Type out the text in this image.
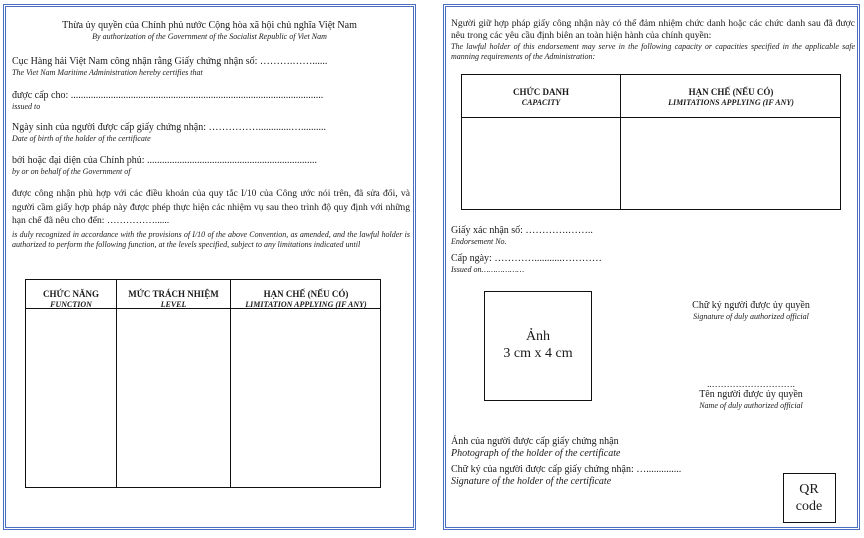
Thừa ủy quyền của Chính phủ nước Cộng hòa xã hội chủ nghĩa Việt Nam
By authorization of the Government of the Socialist Republic of Viet Nam
Cục Hàng hải Việt Nam công nhận rằng Giấy chứng nhận số: ……….……......
The Viet Nam Maritime Administration hereby certifies that
được cấp cho: .....................................................................................................
issued to
Ngày sinh của người được cấp giấy chứng nhận: …………….............…..........
Date of birth of the holder of the certificate
bởi hoặc đại diện của Chính phủ: ....................................................................
by or on behalf of the Government of
được công nhận phù hợp với các điều khoản của quy tắc I/10 của Công ước nói trên, đã sửa đổi, và người cầm giấy hợp pháp này được phép thực hiện các nhiệm vụ sau theo trình độ quy định với những hạn chế đã nêu cho đến: ……………......
is duly recognized in accordance with the provisions of I/10 of the above Convention, as amended, and the lawful holder is authorized to perform the following function, at the levels specified, subject to any limitations indicated until
CHỨC NĂNG
FUNCTION
MỨC TRÁCH NHIỆM
LEVEL
HẠN CHẾ (NẾU CÓ)
LIMITATION APPLYING (IF ANY)
Người giữ hợp pháp giấy công nhận này có thể đảm nhiệm chức danh hoặc các chức danh sau đã được nêu trong các yêu cầu định biên an toàn hiện hành của chính quyền:
The lawful holder of this endorsement may serve in the following capacity or capacities specified in the applicable safe manning requirements of the Administration:
CHỨC DANH
CAPACITY
HẠN CHẾ (NẾU CÓ)
LIMITATIONS APPLYING (IF ANY)
Giấy xác nhận số: ………….……..
Endorsement No.
Cấp ngày: …………...........…………
Issued on………………
Ảnh
3 cm x 4 cm
Chữ ký người được ủy quyền
Signature of duly authorized official
..……………………….
Tên người được ủy quyền
Name of duly authorized official
Ảnh của người được cấp giấy chứng nhận
Photograph of the holder of the certificate
Chữ ký của người được cấp giấy chứng nhận: …..............
Signature of the holder of the certificate
QR
code
